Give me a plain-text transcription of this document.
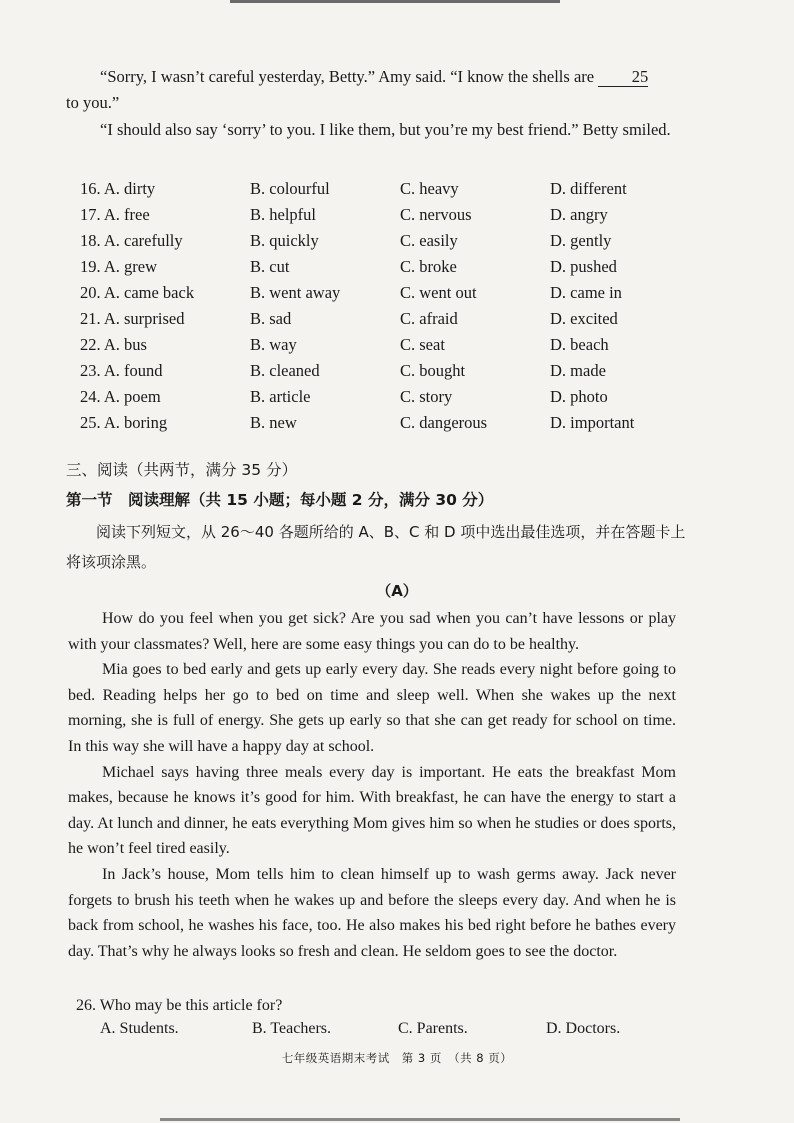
“Sorry, I wasn’t careful yesterday, Betty.” Amy said. “I know the shells are 25
to you.”
“I should also say ‘sorry’ to you. I like them, but you’re my best friend.” Betty smiled.
16. A. dirty	B. colourful	C. heavy	D. different
17. A. free	B. helpful	C. nervous	D. angry
18. A. carefully	B. quickly	C. easily	D. gently
19. A. grew	B. cut	C. broke	D. pushed
20. A. came back	B. went away	C. went out	D. came in
21. A. surprised	B. sad	C. afraid	D. excited
22. A. bus	B. way	C. seat	D. beach
23. A. found	B. cleaned	C. bought	D. made
24. A. poem	B. article	C. story	D. photo
25. A. boring	B. new	C. dangerous	D. important
三、阅读（共两节，满分 35 分）
第一节　阅读理解（共 15 小题；每小题 2 分，满分 30 分）
阅读下列短文，从 26～40 各题所给的 A、B、C 和 D 项中选出最佳选项，并在答题卡上将该项涂黑。
（A）

How do you feel when you get sick? Are you sad when you can’t have lessons or play with your classmates? Well, here are some easy things you can do to be healthy.

Mia goes to bed early and gets up early every day. She reads every night before going to bed. Reading helps her go to bed on time and sleep well. When she wakes up the next morning, she is full of energy. She gets up early so that she can get ready for school on time. In this way she will have a happy day at school.

Michael says having three meals every day is important. He eats the breakfast Mom makes, because he knows it’s good for him. With breakfast, he can have the energy to start a day. At lunch and dinner, he eats everything Mom gives him so when he studies or does sports, he won’t feel tired easily.

In Jack’s house, Mom tells him to clean himself up to wash germs away. Jack never forgets to brush his teeth when he wakes up and before the sleeps every day. And when he is back from school, he washes his face, too. He also makes his bed right before he bathes every day. That’s why he always looks so fresh and clean. He seldom goes to see the doctor.

26. Who may be this article for?
A. Students.	B. Teachers.	C. Parents.	D. Doctors.
七年级英语期末考试　第 3 页　（共 8 页）
